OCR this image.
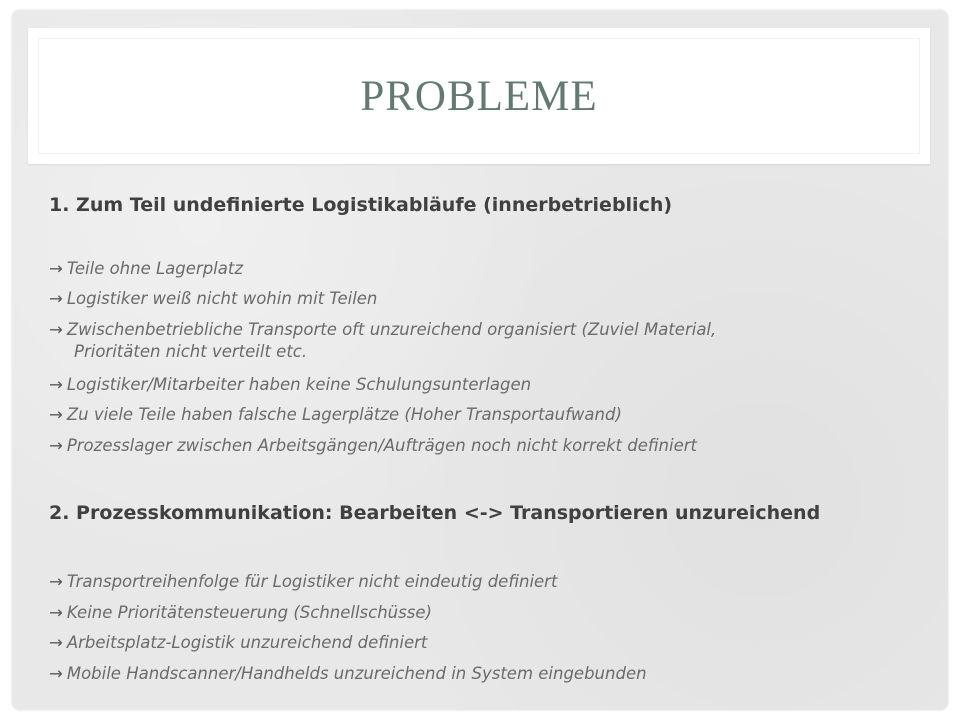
PROBLEME
1. Zum Teil undefinierte Logistikabläufe (innerbetrieblich)
→ Teile ohne Lagerplatz
→ Logistiker weiß nicht wohin mit Teilen
→ Zwischenbetriebliche Transporte oft unzureichend organisiert (Zuviel Material,
Prioritäten nicht verteilt etc.
→ Logistiker/Mitarbeiter haben keine Schulungsunterlagen
→ Zu viele Teile haben falsche Lagerplätze (Hoher Transportaufwand)
→ Prozesslager zwischen Arbeitsgängen/Aufträgen noch nicht korrekt definiert
2. Prozesskommunikation: Bearbeiten <-> Transportieren unzureichend
→ Transportreihenfolge für Logistiker nicht eindeutig definiert
→ Keine Prioritätensteuerung (Schnellschüsse)
→ Arbeitsplatz-Logistik unzureichend definiert
→ Mobile Handscanner/Handhelds unzureichend in System eingebunden
